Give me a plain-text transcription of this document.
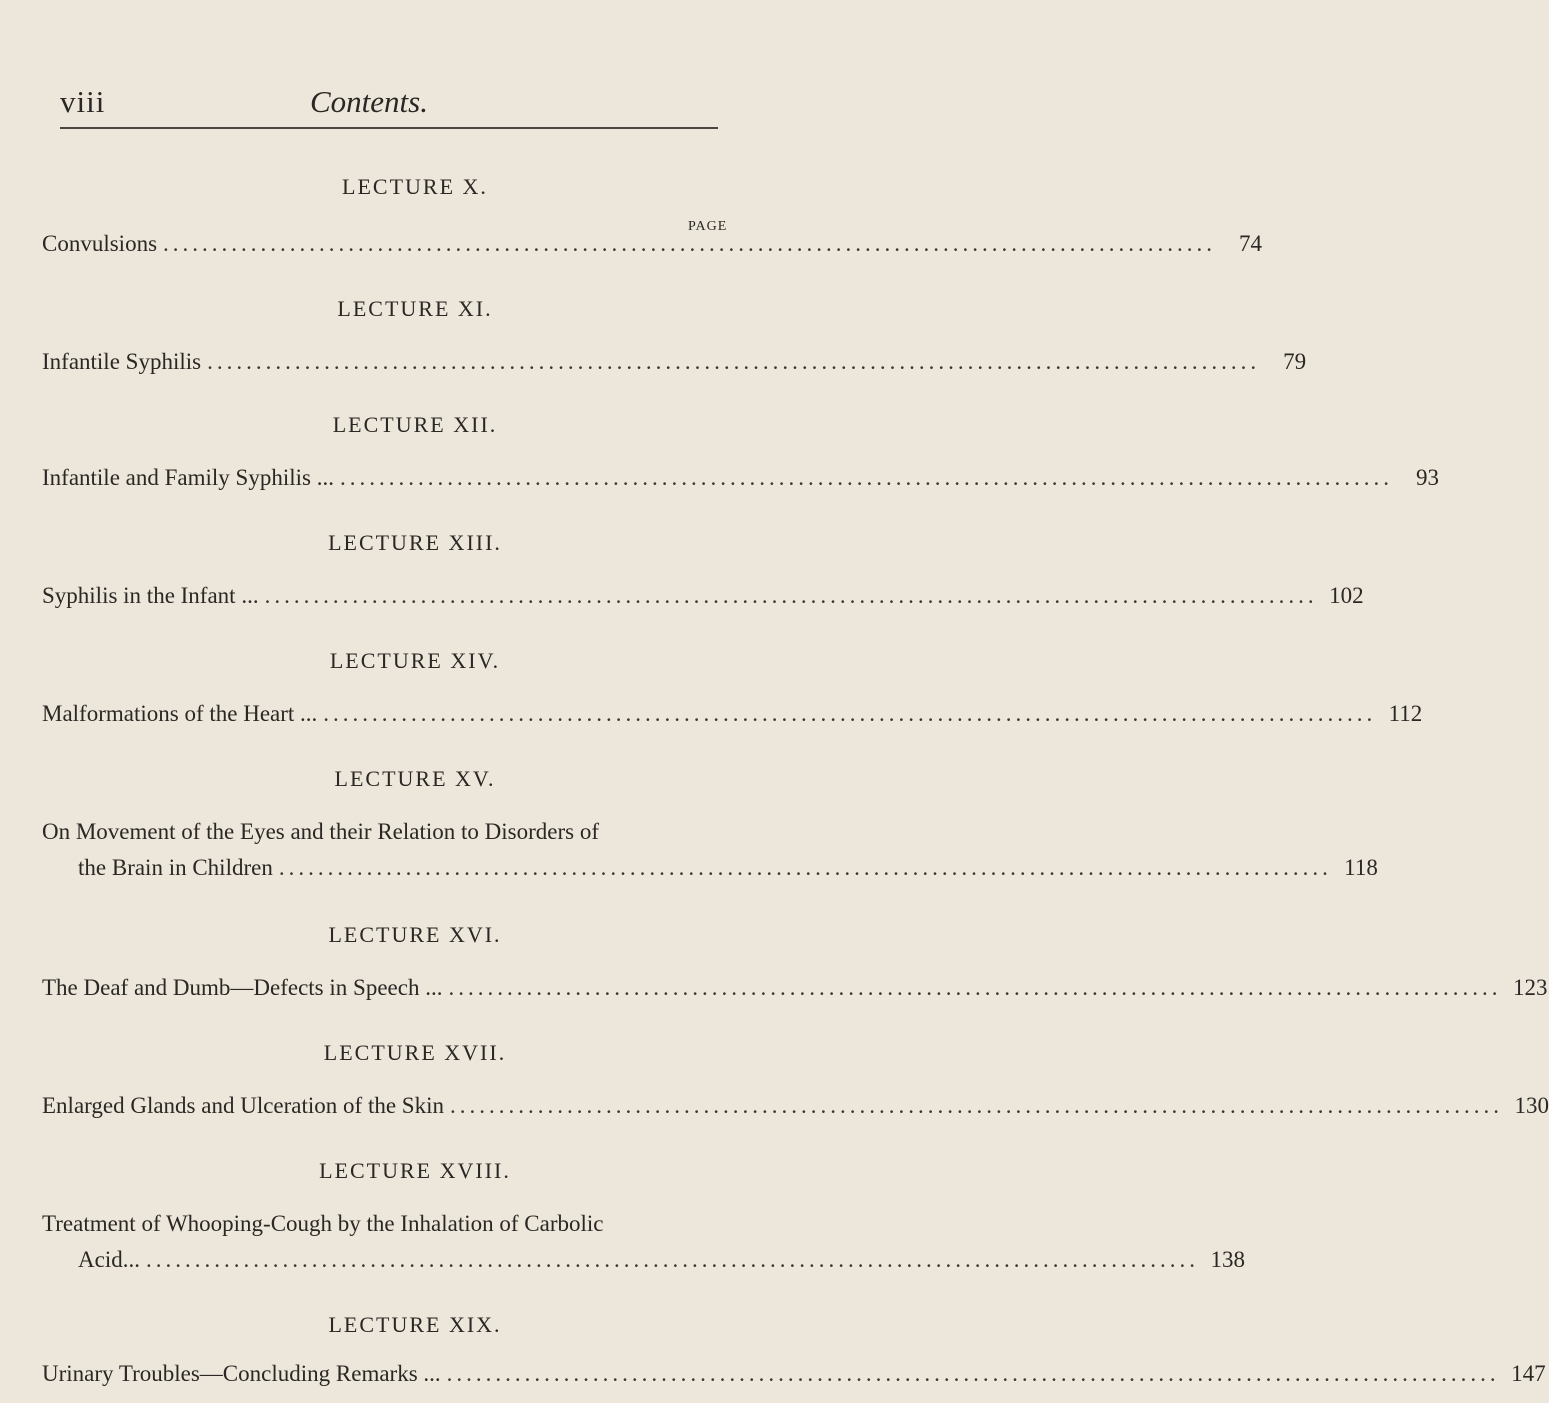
viii	Contents.
PAGE
LECTURE X.
Convulsions ............................................................................................................	74
LECTURE XI.
Infantile Syphilis ............................................................................................................	79
LECTURE XII.
Infantile and Family Syphilis ... ............................................................................................................	93
LECTURE XIII.
Syphilis in the Infant ... ............................................................................................................ 102
LECTURE XIV.
Malformations of the Heart ... ............................................................................................................ 112
LECTURE XV.
On Movement of the Eyes and their Relation to Disorders of
the Brain in Children ............................................................................................................ 118
LECTURE XVI.
The Deaf and Dumb—Defects in Speech ... ............................................................................................................ 123
LECTURE XVII.
Enlarged Glands and Ulceration of the Skin ............................................................................................................ 130
LECTURE XVIII.
Treatment of Whooping-Cough by the Inhalation of Carbolic
Acid... ............................................................................................................ 138
LECTURE XIX.
Urinary Troubles—Concluding Remarks ... ............................................................................................................ 147
